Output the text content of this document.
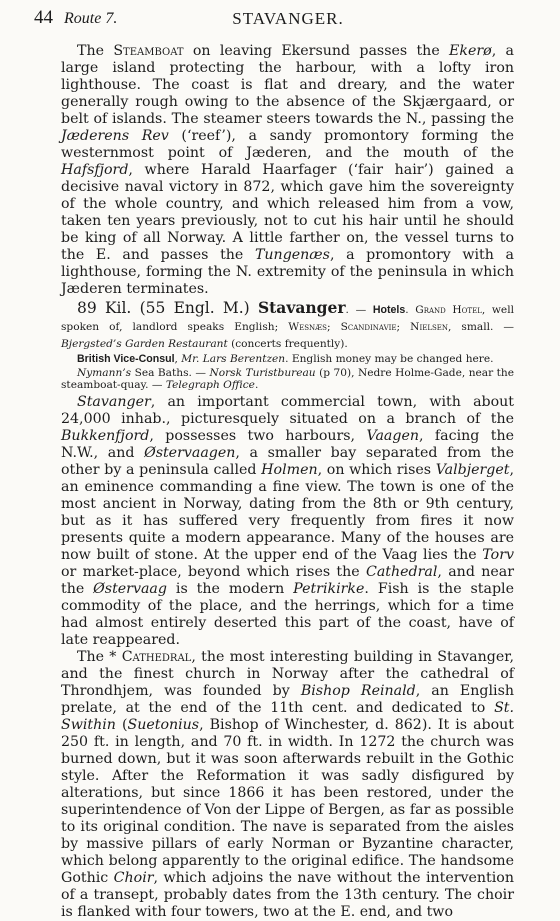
44 Route 7.	STAVANGER.

The Steamboat on leaving Ekersund passes the Ekerø, a large island protecting the harbour, with a lofty iron lighthouse. The coast is flat and dreary, and the water generally rough owing to the absence of the Skjærgaard, or belt of islands. The steamer steers towards the N., passing the Jæderens Rev (‘reef’), a sandy promontory forming the westernmost point of Jæderen, and the mouth of the Hafsfjord, where Harald Haarfager (‘fair hair’) gained a decisive naval victory in 872, which gave him the sovereignty of the whole country, and which released him from a vow, taken ten years previously, not to cut his hair until he should be king of all Norway. A little farther on, the vessel turns to the E. and passes the Tungenæs, a promontory with a lighthouse, forming the N. extremity of the peninsula in which Jæderen terminates.

89 Kil. (55 Engl. M.) Stavanger. — Hotels. Grand Hotel, well spoken of, landlord speaks English; Wesnæs; Scandinavie; Nielsen, small. — Bjergsted’s Garden Restaurant (concerts frequently).

British Vice-Consul, Mr. Lars Berentzen. English money may be changed here.

Nymann’s Sea Baths. — Norsk Turistbureau (p 70), Nedre Holme-Gade, near the steamboat-quay. — Telegraph Office.

Stavanger, an important commercial town, with about 24,000 inhab., picturesquely situated on a branch of the Bukkenfjord, possesses two harbours, Vaagen, facing the N.W., and Østervaagen, a smaller bay separated from the other by a peninsula called Holmen, on which rises Valbjerget, an eminence commanding a fine view. The town is one of the most ancient in Norway, dating from the 8th or 9th century, but as it has suffered very frequently from fires it now presents quite a modern appearance. Many of the houses are now built of stone. At the upper end of the Vaag lies the Torv or market-place, beyond which rises the Cathedral, and near the Østervaag is the modern Petrikirke. Fish is the staple commodity of the place, and the herrings, which for a time had almost entirely deserted this part of the coast, have of late reappeared.

The * Cathedral, the most interesting building in Stavanger, and the finest church in Norway after the cathedral of Throndhjem, was founded by Bishop Reinald, an English prelate, at the end of the 11th cent. and dedicated to St. Swithin (Suetonius, Bishop of Winchester, d. 862). It is about 250 ft. in length, and 70 ft. in width. In 1272 the church was burned down, but it was soon afterwards rebuilt in the Gothic style. After the Reformation it was sadly disfigured by alterations, but since 1866 it has been restored, under the superintendence of Von der Lippe of Bergen, as far as possible to its original condition. The nave is separated from the aisles by massive pillars of early Norman or Byzantine character, which belong apparently to the original edifice. The handsome Gothic Choir, which adjoins the nave without the intervention of a transept, probably dates from the 13th century. The choir is flanked with four towers, two at the E. end, and two
